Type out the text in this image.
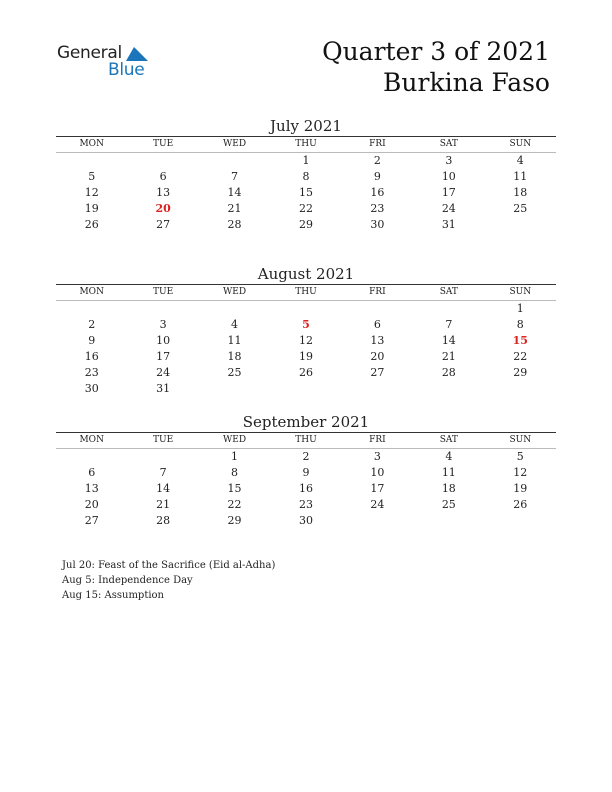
General
Blue
Quarter 3 of 2021
Burkina Faso
July 2021
MON	TUE	WED	THU	FRI	SAT	SUN
			1	2	3	4
5	6	7	8	9	10	11
12	13	14	15	16	17	18
19	20	21	22	23	24	25
26	27	28	29	30	31	
August 2021
MON	TUE	WED	THU	FRI	SAT	SUN
						1
2	3	4	5	6	7	8
9	10	11	12	13	14	15
16	17	18	19	20	21	22
23	24	25	26	27	28	29
30	31					
September 2021
MON	TUE	WED	THU	FRI	SAT	SUN
		1	2	3	4	5
6	7	8	9	10	11	12
13	14	15	16	17	18	19
20	21	22	23	24	25	26
27	28	29	30			
Jul 20: Feast of the Sacrifice (Eid al-Adha)
Aug 5: Independence Day
Aug 15: Assumption
